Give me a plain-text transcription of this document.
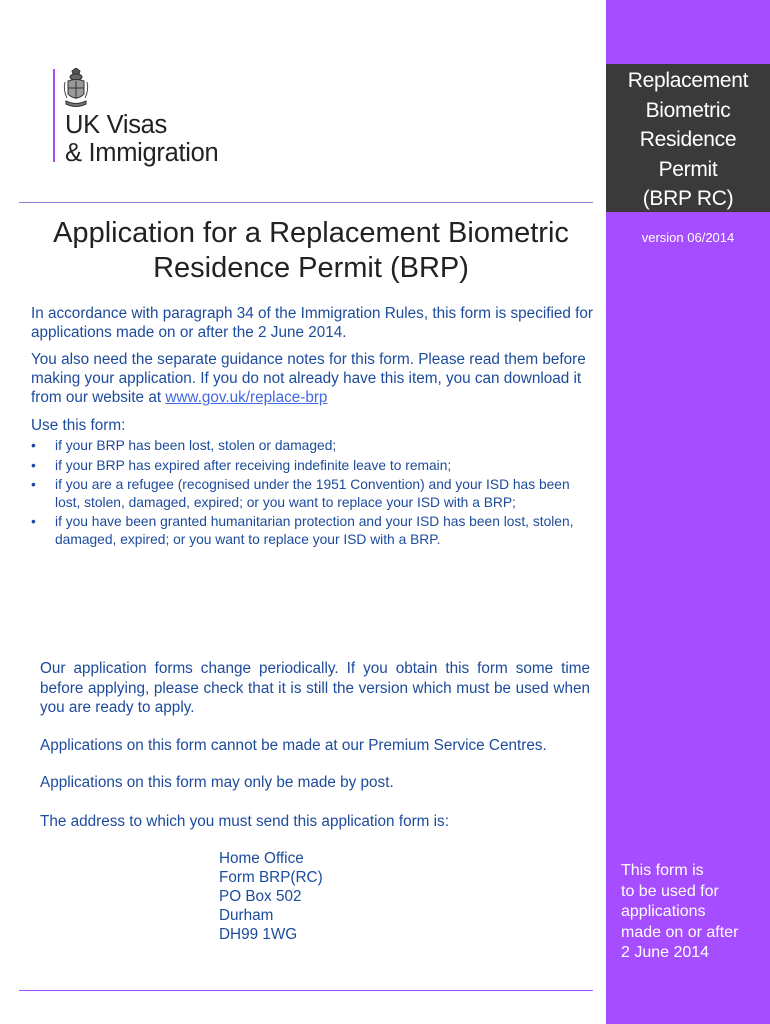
Replacement
Biometric
Residence
Permit
(BRP RC)
version 06/2014
This form is
to be used for
applications
made on or after
2 June 2014
UK Visas
& Immigration
Application for a Replacement Biometric
Residence Permit (BRP)
In accordance with paragraph 34 of the Immigration Rules, this form is specified for applications made on or after the 2 June 2014.
You also need the separate guidance notes for this form. Please read them before making your application. If you do not already have this item, you can download it from our website at www.gov.uk/replace-brp
Use this form:
• if your BRP has been lost, stolen or damaged;
• if your BRP has expired after receiving indefinite leave to remain;
• if you are a refugee (recognised under the 1951 Convention) and your ISD has been lost, stolen, damaged, expired; or you want to replace your ISD with a BRP;
• if you have been granted humanitarian protection and your ISD has been lost, stolen, damaged, expired; or you want to replace your ISD with a BRP.
Our application forms change periodically. If you obtain this form some time before applying, please check that it is still the version which must be used when you are ready to apply.
Applications on this form cannot be made at our Premium Service Centres.
Applications on this form may only be made by post.
The address to which you must send this application form is:
Home Office
Form BRP(RC)
PO Box 502
Durham
DH99 1WG
